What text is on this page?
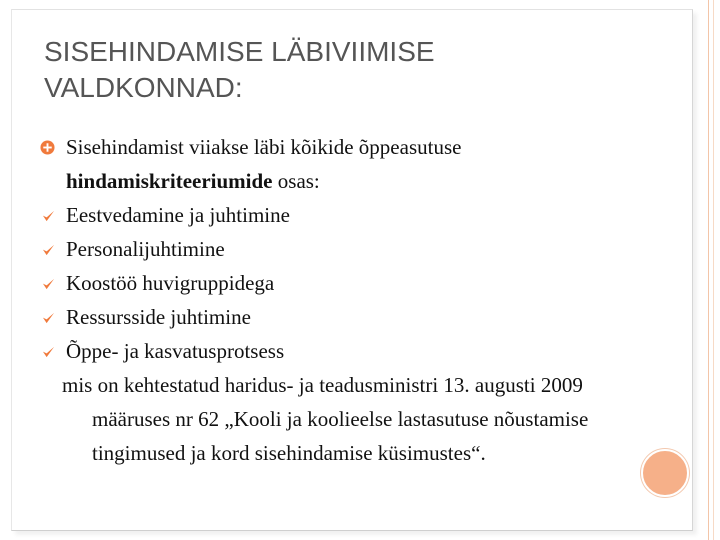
SISEHINDAMISE LÄBIVIIMISE
VALDKONNAD:
Sisehindamist viiakse läbi kõikide õppeasutuse
hindamiskriteeriumide osas:
Eestvedamine ja juhtimine
Personalijuhtimine
Koostöö huvigruppidega
Ressursside juhtimine
Õppe- ja kasvatusprotsess
mis on kehtestatud haridus- ja teadusministri 13. augusti 2009 määruses nr 62 „Kooli ja koolieelse lastasutuse nõustamise tingimused ja kord sisehindamise küsimustes“.
